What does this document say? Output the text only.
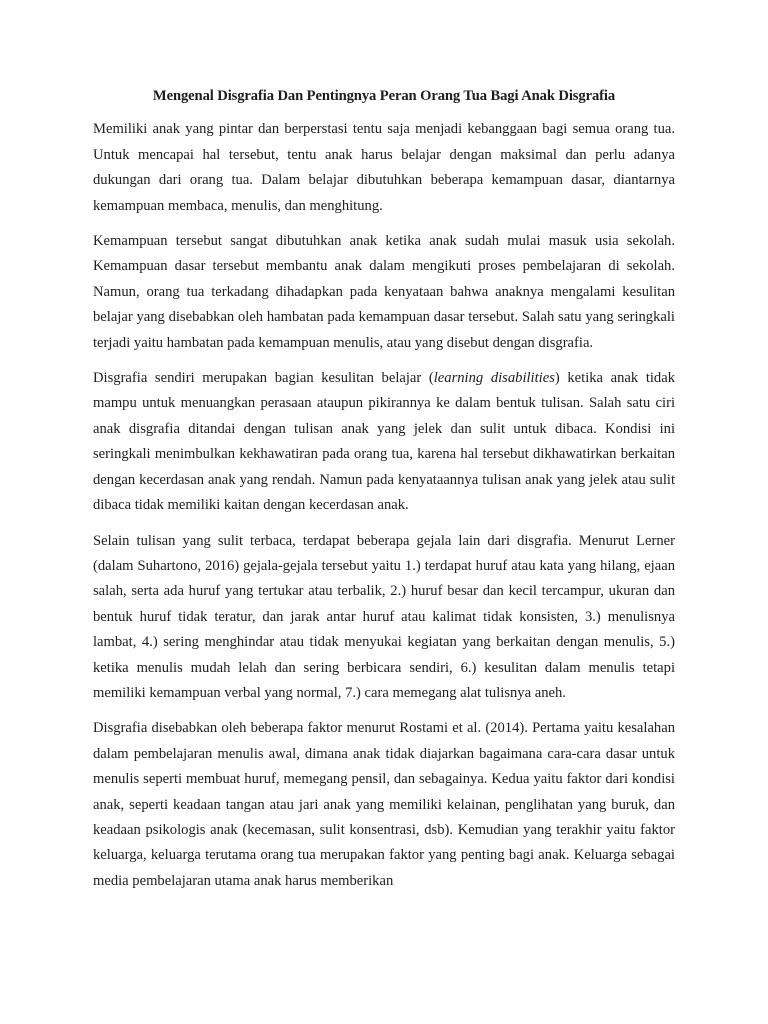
Mengenal Disgrafia Dan Pentingnya Peran Orang Tua Bagi Anak Disgrafia

Memiliki anak yang pintar dan berperstasi tentu saja menjadi kebanggaan bagi semua orang tua. Untuk mencapai hal tersebut, tentu anak harus belajar dengan maksimal dan perlu adanya dukungan dari orang tua. Dalam belajar dibutuhkan beberapa kemampuan dasar, diantarnya kemampuan membaca, menulis, dan menghitung.

Kemampuan tersebut sangat dibutuhkan anak ketika anak sudah mulai masuk usia sekolah. Kemampuan dasar tersebut membantu anak dalam mengikuti proses pembelajaran di sekolah. Namun, orang tua terkadang dihadapkan pada kenyataan bahwa anaknya mengalami kesulitan belajar yang disebabkan oleh hambatan pada kemampuan dasar tersebut. Salah satu yang seringkali terjadi yaitu hambatan pada kemampuan menulis, atau yang disebut dengan disgrafia.

Disgrafia sendiri merupakan bagian kesulitan belajar (learning disabilities) ketika anak tidak mampu untuk menuangkan perasaan ataupun pikirannya ke dalam bentuk tulisan. Salah satu ciri anak disgrafia ditandai dengan tulisan anak yang jelek dan sulit untuk dibaca. Kondisi ini seringkali menimbulkan kekhawatiran pada orang tua, karena hal tersebut dikhawatirkan berkaitan dengan kecerdasan anak yang rendah. Namun pada kenyataannya tulisan anak yang jelek atau sulit dibaca tidak memiliki kaitan dengan kecerdasan anak.

Selain tulisan yang sulit terbaca, terdapat beberapa gejala lain dari disgrafia. Menurut Lerner (dalam Suhartono, 2016) gejala-gejala tersebut yaitu 1.) terdapat huruf atau kata yang hilang, ejaan salah, serta ada huruf yang tertukar atau terbalik, 2.) huruf besar dan kecil tercampur, ukuran dan bentuk huruf tidak teratur, dan jarak antar huruf atau kalimat tidak konsisten, 3.) menulisnya lambat, 4.) sering menghindar atau tidak menyukai kegiatan yang berkaitan dengan menulis, 5.) ketika menulis mudah lelah dan sering berbicara sendiri, 6.) kesulitan dalam menulis tetapi memiliki kemampuan verbal yang normal, 7.) cara memegang alat tulisnya aneh.

Disgrafia disebabkan oleh beberapa faktor menurut Rostami et al. (2014). Pertama yaitu kesalahan dalam pembelajaran menulis awal, dimana anak tidak diajarkan bagaimana cara-cara dasar untuk menulis seperti membuat huruf, memegang pensil, dan sebagainya. Kedua yaitu faktor dari kondisi anak, seperti keadaan tangan atau jari anak yang memiliki kelainan, penglihatan yang buruk, dan keadaan psikologis anak (kecemasan, sulit konsentrasi, dsb). Kemudian yang terakhir yaitu faktor keluarga, keluarga terutama orang tua merupakan faktor yang penting bagi anak. Keluarga sebagai media pembelajaran utama anak harus memberikan
